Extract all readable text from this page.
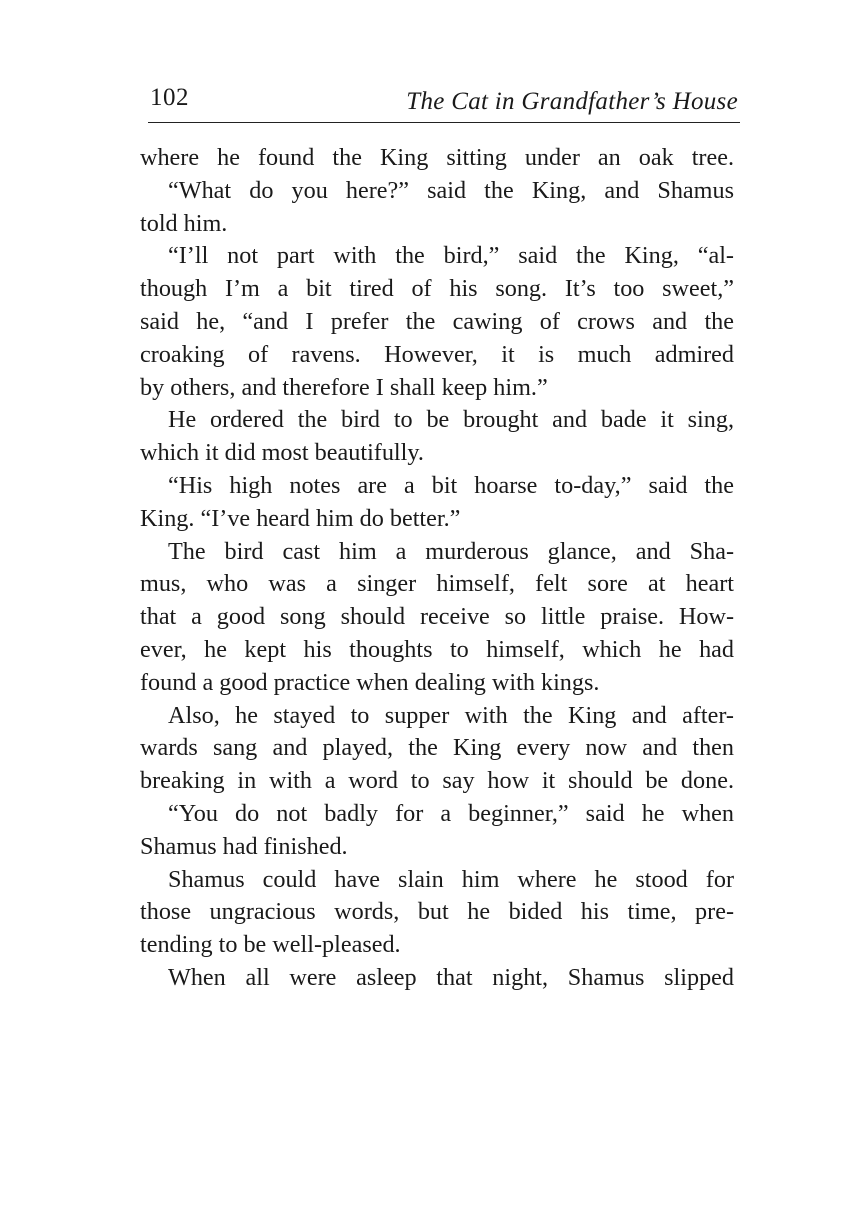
102	The Cat in Grandfather’s House
where he found the King sitting under an oak tree.
“What do you here?” said the King, and Shamus
told him.
“I’ll not part with the bird,” said the King, “al-
though I’m a bit tired of his song. It’s too sweet,”
said he, “and I prefer the cawing of crows and the
croaking of ravens. However, it is much admired
by others, and therefore I shall keep him.”
He ordered the bird to be brought and bade it sing,
which it did most beautifully.
“His high notes are a bit hoarse to-day,” said the
King. “I’ve heard him do better.”
The bird cast him a murderous glance, and Sha-
mus, who was a singer himself, felt sore at heart
that a good song should receive so little praise. How-
ever, he kept his thoughts to himself, which he had
found a good practice when dealing with kings.
Also, he stayed to supper with the King and after-
wards sang and played, the King every now and then
breaking in with a word to say how it should be done.
“You do not badly for a beginner,” said he when
Shamus had finished.
Shamus could have slain him where he stood for
those ungracious words, but he bided his time, pre-
tending to be well-pleased.
When all were asleep that night, Shamus slipped
